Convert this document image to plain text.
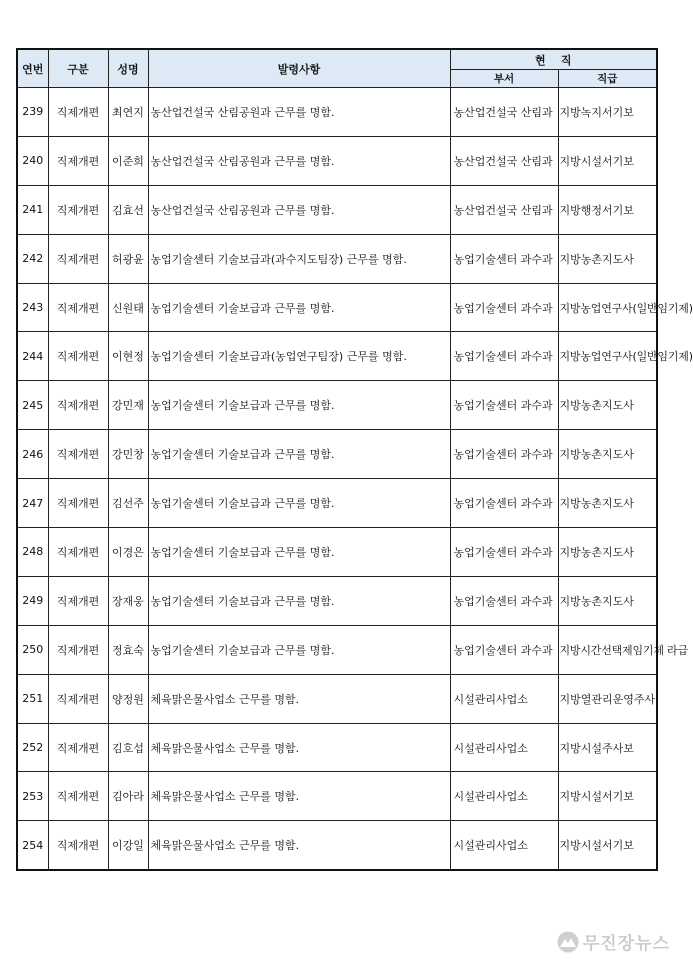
연번	구분	성명	발령사항	현    직	
				부서	직급
239	직제개편	최연지	농산업건설국 산림공원과 근무를 명함.	농산업건설국 산림과	지방녹지서기보
240	직제개편	이준희	농산업건설국 산림공원과 근무를 명함.	농산업건설국 산림과	지방시설서기보
241	직제개편	김효선	농산업건설국 산림공원과 근무를 명함.	농산업건설국 산림과	지방행정서기보
242	직제개편	허광윤	농업기술센터 기술보급과(과수지도팀장) 근무를 명함.	농업기술센터 과수과	지방농촌지도사
243	직제개편	신원태	농업기술센터 기술보급과 근무를 명함.	농업기술센터 과수과	지방농업연구사(일반임기제)
244	직제개편	이현정	농업기술센터 기술보급과(농업연구팀장) 근무를 명함.	농업기술센터 과수과	지방농업연구사(일반임기제)
245	직제개편	강민재	농업기술센터 기술보급과 근무를 명함.	농업기술센터 과수과	지방농촌지도사
246	직제개편	강민창	농업기술센터 기술보급과 근무를 명함.	농업기술센터 과수과	지방농촌지도사
247	직제개편	김선주	농업기술센터 기술보급과 근무를 명함.	농업기술센터 과수과	지방농촌지도사
248	직제개편	이경은	농업기술센터 기술보급과 근무를 명함.	농업기술센터 과수과	지방농촌지도사
249	직제개편	장재웅	농업기술센터 기술보급과 근무를 명함.	농업기술센터 과수과	지방농촌지도사
250	직제개편	정효숙	농업기술센터 기술보급과 근무를 명함.	농업기술센터 과수과	지방시간선택제임기제 라급
251	직제개편	양정원	체육맑은물사업소 근무를 명함.	시설관리사업소	지방열관리운영주사
252	직제개편	김호섭	체육맑은물사업소 근무를 명함.	시설관리사업소	지방시설주사보
253	직제개편	김아라	체육맑은물사업소 근무를 명함.	시설관리사업소	지방시설서기보
254	직제개편	이강일	체육맑은물사업소 근무를 명함.	시설관리사업소	지방시설서기보
무진장뉴스
